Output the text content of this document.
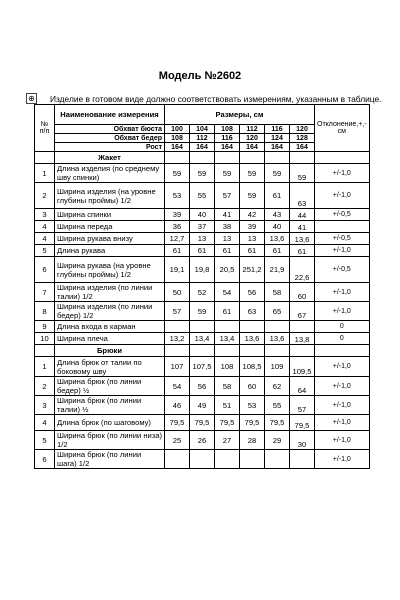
Модель №2602
⊕ Изделие в готовом виде должно соответствовать измерениям, указанным в таблице.
№ п/п	Наименование измерения	Размеры, см						Отклонение,+,- см
	Обхват бюста	100	104	108	112	116	120	
	Обхват бедер	108	112	116	120	124	128	
	Рост	164	164	164	164	164	164	
	Жакет							
1	Длина изделия (по среднему шву спинки)	59	59	59	59	59	59	+/-1,0
2	Ширина изделия (на уровне глубины проймы) 1/2	53	55	57	59	61	63	+/-1,0
3	Ширина спинки	39	40	41	42	43	44	+/-0,5
4	Ширина переда	36	37	38	39	40	41	
4	Ширина рукава внизу	12,7	13	13	13	13,6	13,6	+/-0,5
5	Длина рукава	61	61	61	61	61	61	+/-1,0
6	Ширина рукава (на уровне глубины проймы) 1/2	19,1	19,8	20,5	251,2	21,9	22,6	+/-0,5
7	Ширина изделия (по линии талии) 1/2	50	52	54	56	58	60	+/-1,0
8	Ширина изделия (по линии бедер) 1/2	57	59	61	63	65	67	+/-1,0
9	Длина входа в карман							0
10	Ширина плеча	13,2	13,4	13,4	13,6	13,6	13,8	0
	Брюки							
1	Длина брюк от талии по боковому шву	107	107,5	108	108,5	109	109,5	+/-1,0
2	Ширина брюк (по линии бедер) ½	54	56	58	60	62	64	+/-1,0
3	Ширина брюк (по линии талии) ½	46	49	51	53	55	57	+/-1,0
4	Длина брюк (по шаговому)	79,5	79,5	79,5	79,5	79,5	79,5	+/-1,0
5	Ширина брюк (по линии низа) 1/2	25	26	27	28	29	30	+/-1,0
6	Ширина брюк (по линии шага) 1/2							+/-1,0
